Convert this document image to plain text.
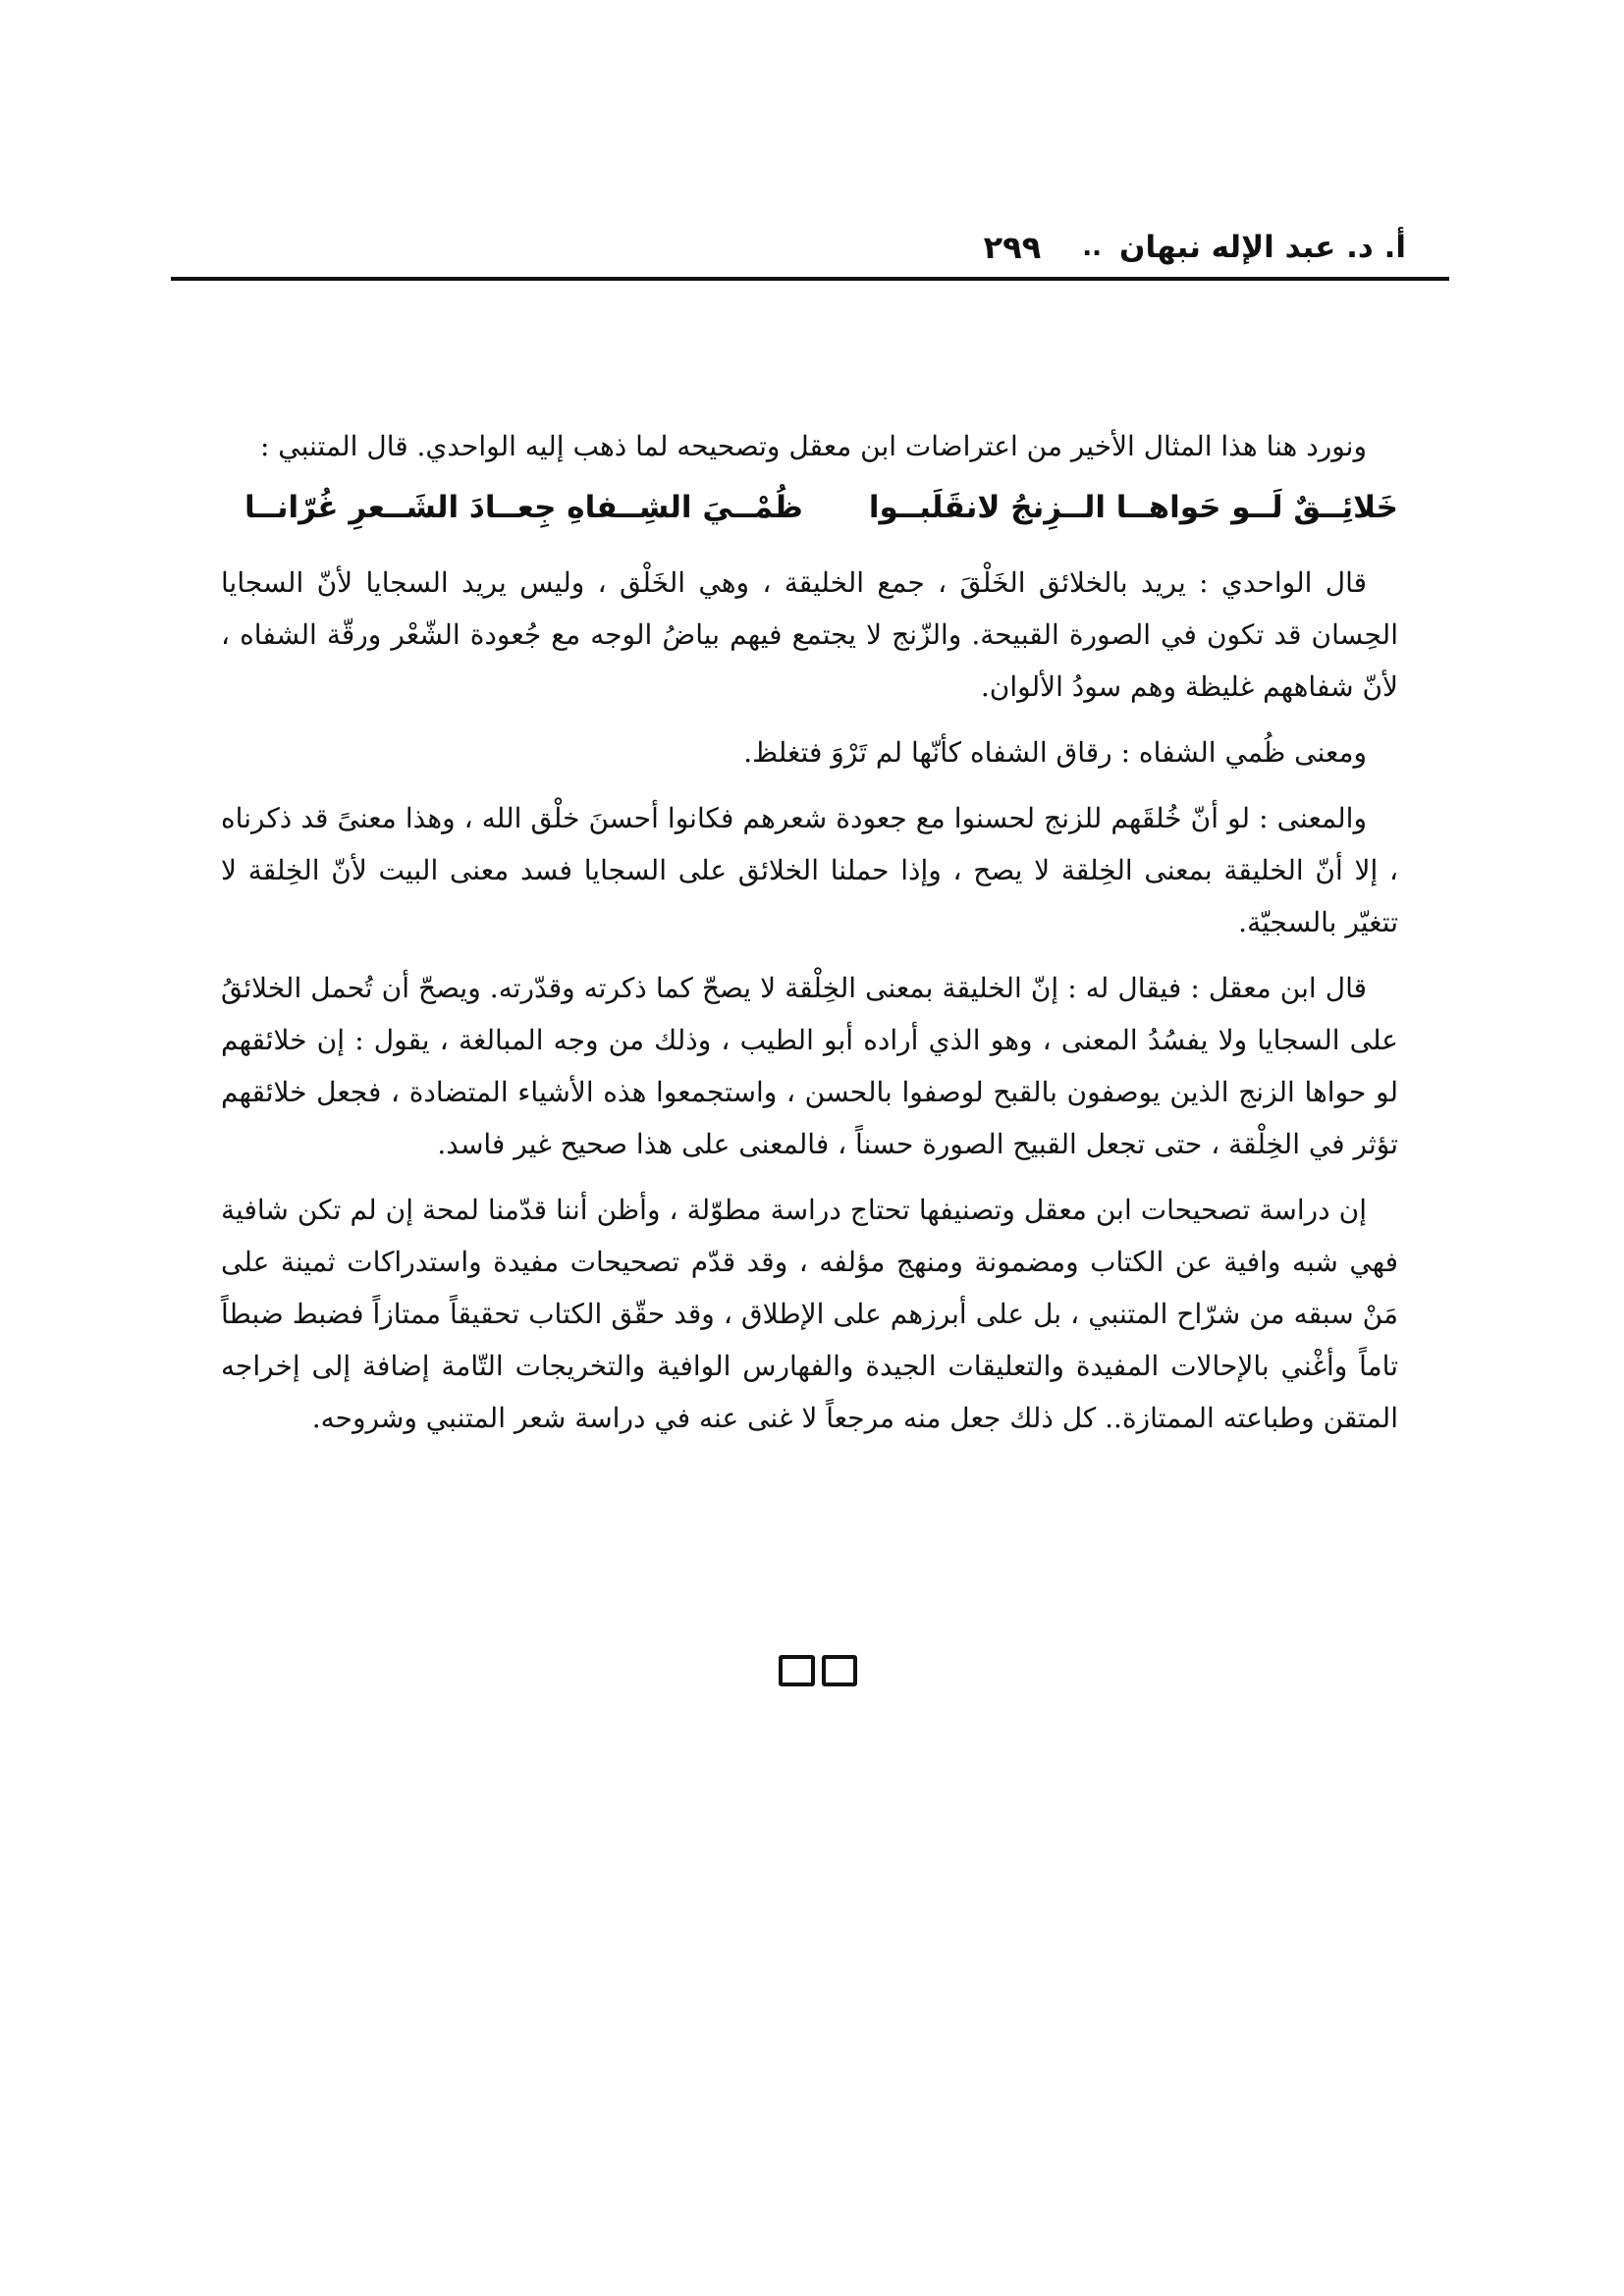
أ. د. عبد الإله نبهان
..
٢٩٩

ونورد هنا هذا المثال الأخير من اعتراضات ابن معقل وتصحيحه لما ذهب إليه الواحدي. قال المتنبي :

خَلائِــقٌ لَــو حَواهــا الــزِنجُ لانقَلَبــوا
ظُمْــيَ الشِــفاهِ جِعــادَ الشَــعرِ غُرّانــا

قال الواحدي : يريد بالخلائق الخَلْقَ ، جمع الخليقة ، وهي الخَلْق ، وليس يريد السجايا لأنّ السجايا الحِسان قد تكون في الصورة القبيحة. والزّنج لا يجتمع فيهم بياضُ الوجه مع جُعودة الشّعْر ورقّة الشفاه ، لأنّ شفاههم غليظة وهم سودُ الألوان.

ومعنى ظُمي الشفاه : رقاق الشفاه كأنّها لم تَرْوَ فتغلظ.

والمعنى : لو أنّ خُلقَهم للزنج لحسنوا مع جعودة شعرهم فكانوا أحسنَ خلْق الله ، وهذا معنىً قد ذكرناه ، إلا أنّ الخليقة بمعنى الخِلقة لا يصح ، وإذا حملنا الخلائق على السجايا فسد معنى البيت لأنّ الخِلقة لا تتغيّر بالسجيّة.

قال ابن معقل : فيقال له : إنّ الخليقة بمعنى الخِلْقة لا يصحّ كما ذكرته وقدّرته. ويصحّ أن تُحمل الخلائقُ على السجايا ولا يفسُدُ المعنى ، وهو الذي أراده أبو الطيب ، وذلك من وجه المبالغة ، يقول : إن خلائقهم لو حواها الزنج الذين يوصفون بالقبح لوصفوا بالحسن ، واستجمعوا هذه الأشياء المتضادة ، فجعل خلائقهم تؤثر في الخِلْقة ، حتى تجعل القبيح الصورة حسناً ، فالمعنى على هذا صحيح غير فاسد.

إن دراسة تصحيحات ابن معقل وتصنيفها تحتاج دراسة مطوّلة ، وأظن أننا قدّمنا لمحة إن لم تكن شافية فهي شبه وافية عن الكتاب ومضمونة ومنهج مؤلفه ، وقد قدّم تصحيحات مفيدة واستدراكات ثمينة على مَنْ سبقه من شرّاح المتنبي ، بل على أبرزهم على الإطلاق ، وقد حقّق الكتاب تحقيقاً ممتازاً فضبط ضبطاً تاماً وأغْني بالإحالات المفيدة والتعليقات الجيدة والفهارس الوافية والتخريجات التّامة إضافة إلى إخراجه المتقن وطباعته الممتازة.. كل ذلك جعل منه مرجعاً لا غنى عنه في دراسة شعر المتنبي وشروحه.
